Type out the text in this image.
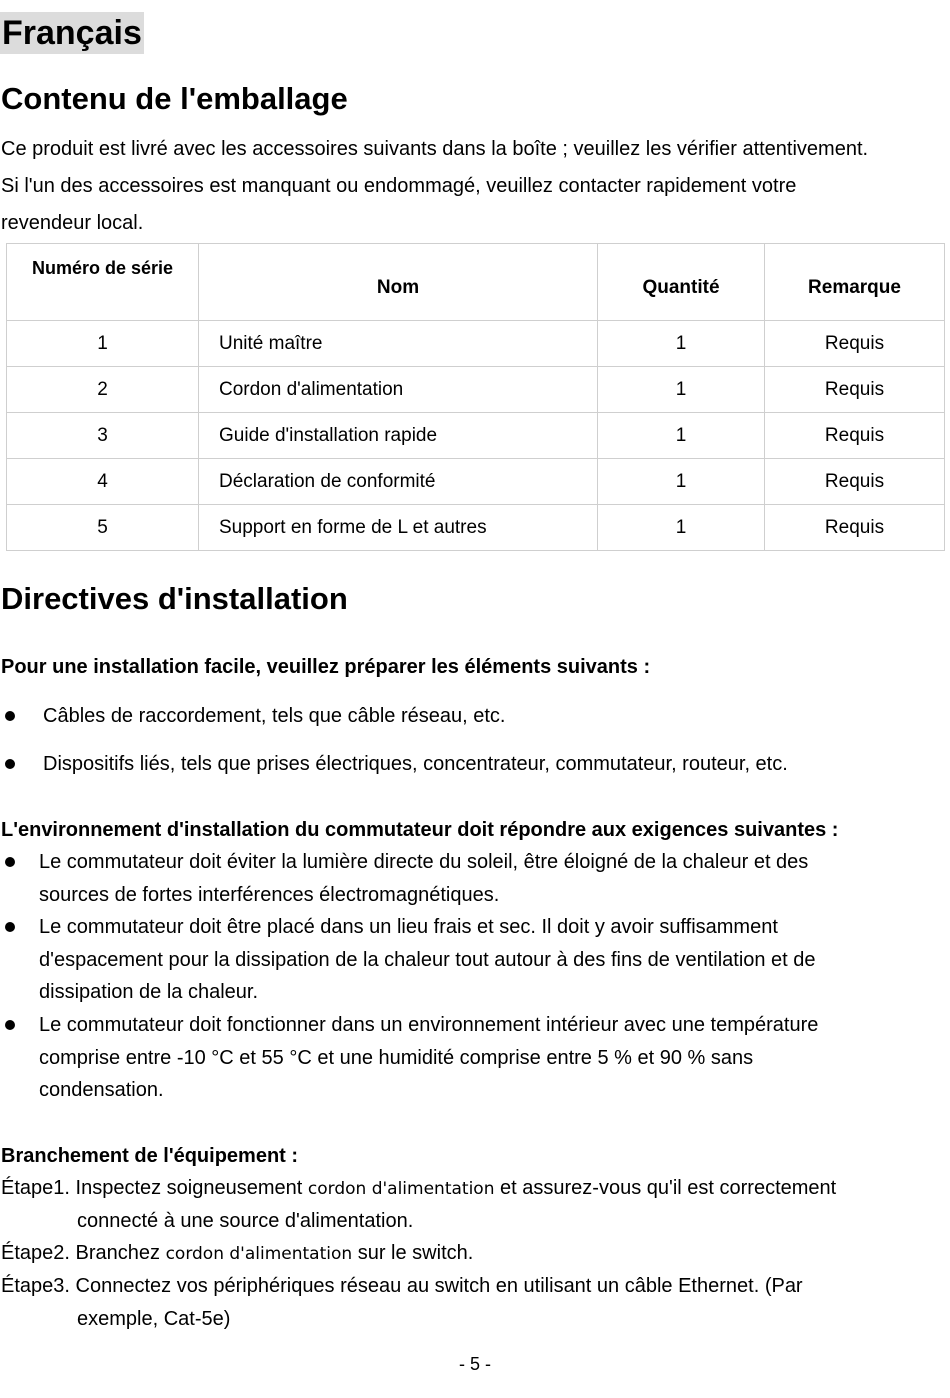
Français
Contenu de l'emballage
Ce produit est livré avec les accessoires suivants dans la boîte ; veuillez les vérifier attentivement.
Si l'un des accessoires est manquant ou endommagé, veuillez contacter rapidement votre
revendeur local.
Numéro de série	Nom	Quantité	Remarque
1	Unité maître	1	Requis
2	Cordon d'alimentation	1	Requis
3	Guide d'installation rapide	1	Requis
4	Déclaration de conformité	1	Requis
5	Support en forme de L et autres	1	Requis
Directives d'installation
Pour une installation facile, veuillez préparer les éléments suivants :
Câbles de raccordement, tels que câble réseau, etc.
Dispositifs liés, tels que prises électriques, concentrateur, commutateur, routeur, etc.
L'environnement d'installation du commutateur doit répondre aux exigences suivantes :
Le commutateur doit éviter la lumière directe du soleil, être éloigné de la chaleur et des
sources de fortes interférences électromagnétiques.
Le commutateur doit être placé dans un lieu frais et sec. Il doit y avoir suffisamment
d'espacement pour la dissipation de la chaleur tout autour à des fins de ventilation et de
dissipation de la chaleur.
Le commutateur doit fonctionner dans un environnement intérieur avec une température
comprise entre -10 °C et 55 °C et une humidité comprise entre 5 % et 90 % sans
condensation.
Branchement de l'équipement :
Étape1. Inspectez soigneusement cordon d'alimentation et assurez-vous qu'il est correctement
connecté à une source d'alimentation.
Étape2. Branchez cordon d'alimentation sur le switch.
Étape3. Connectez vos périphériques réseau au switch en utilisant un câble Ethernet. (Par
exemple, Cat-5e)
- 5 -
